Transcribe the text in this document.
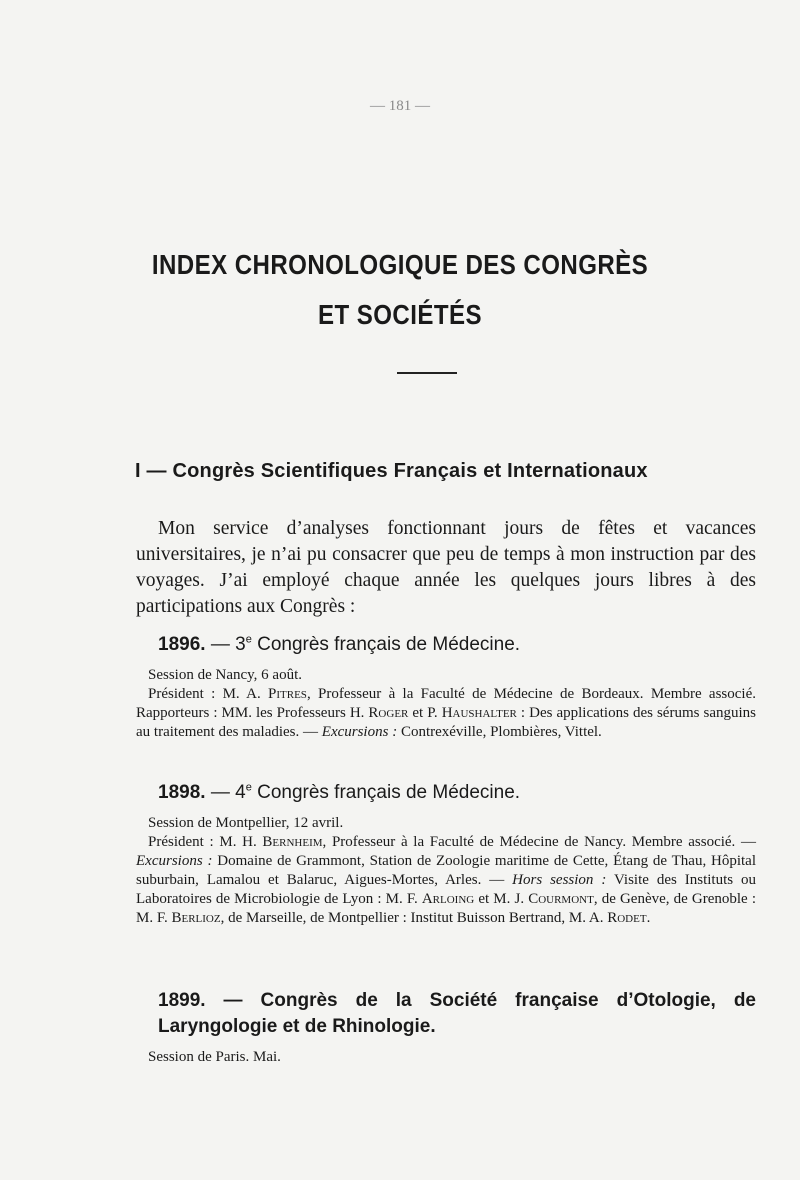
— 181 —
INDEX CHRONOLOGIQUE DES CONGRÈS
ET SOCIÉTÉS
I — Congrès Scientifiques Français et Internationaux
Mon service d’analyses fonctionnant jours de fêtes et vacances universitaires, je n’ai pu consacrer que peu de temps à mon instruction par des voyages. J’ai employé chaque année les quelques jours libres à des participations aux Congrès :
1896. — 3e Congrès français de Médecine.
Session de Nancy, 6 août.
Président : M. A. Pitres, Professeur à la Faculté de Médecine de Bordeaux. Membre associé. Rapporteurs : MM. les Professeurs H. Roger et P. Haushalter : Des applications des sérums sanguins au traitement des maladies. — Excursions : Contrexéville, Plombières, Vittel.
1898. — 4e Congrès français de Médecine.
Session de Montpellier, 12 avril.
Président : M. H. Bernheim, Professeur à la Faculté de Médecine de Nancy. Membre associé. — Excursions : Domaine de Grammont, Station de Zoologie maritime de Cette, Étang de Thau, Hôpital suburbain, Lamalou et Balaruc, Aigues-Mortes, Arles. — Hors session : Visite des Instituts ou Laboratoires de Microbiologie de Lyon : M. F. Arloing et M. J. Courmont, de Genève, de Grenoble : M. F. Berlioz, de Marseille, de Montpellier : Institut Buisson Bertrand, M. A. Rodet.
1899. — Congrès de la Société française d’Otologie, de Laryngologie et de Rhinologie.
Session de Paris. Mai.
